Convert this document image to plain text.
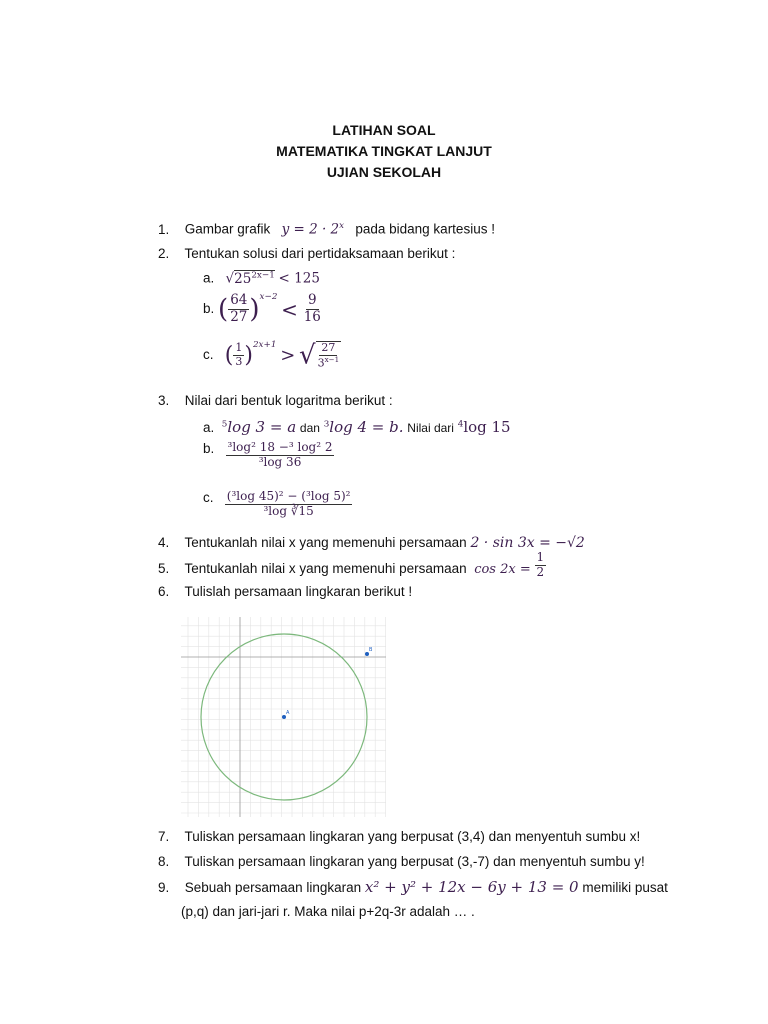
LATIHAN SOAL
MATEMATIKA TINGKAT LANJUT
UJIAN SEKOLAH
1. Gambar grafik $y = 2 \cdot 2^x$ pada bidang kartesius !
2. Tentukan solusi dari pertidaksamaan berikut :
a. $√25^{2x-1} < 125$
b. ( $\frac{64}{27} )^{x-2} < \frac{9}{16}$
c. ( $\frac{1}{3} )^{2x+1}$ > √ $\frac{27}{3^{x-1}}$
3. Nilai dari bentuk logaritma berikut :
a. $^5$log 3 = a dan $^3$log 4 = b. Nilai dari $^4$log 15
b. $\frac{\text{³log² 18 −³ log² 2}}{\text{³log 36}}$
c. $\frac{\text{(³log 45)² − (³log 5)²}}{\text{³log ∛15}}$
4. Tentukanlah nilai x yang memenuhi persamaan 2 · sin 3x = −√2
5. Tentukanlah nilai x yang memenuhi persamaan $\cos 2x = \frac{1}{2}$
6. Tulislah persamaan lingkaran berikut !
A
B
7. Tuliskan persamaan lingkaran yang berpusat (3,4) dan menyentuh sumbu x!
8. Tuliskan persamaan lingkaran yang berpusat (3,-7) dan menyentuh sumbu y!
9. Sebuah persamaan lingkaran x² + y² + 12x − 6y + 13 = 0 memiliki pusat
(p,q) dan jari-jari r. Maka nilai p+2q-3r adalah … .
